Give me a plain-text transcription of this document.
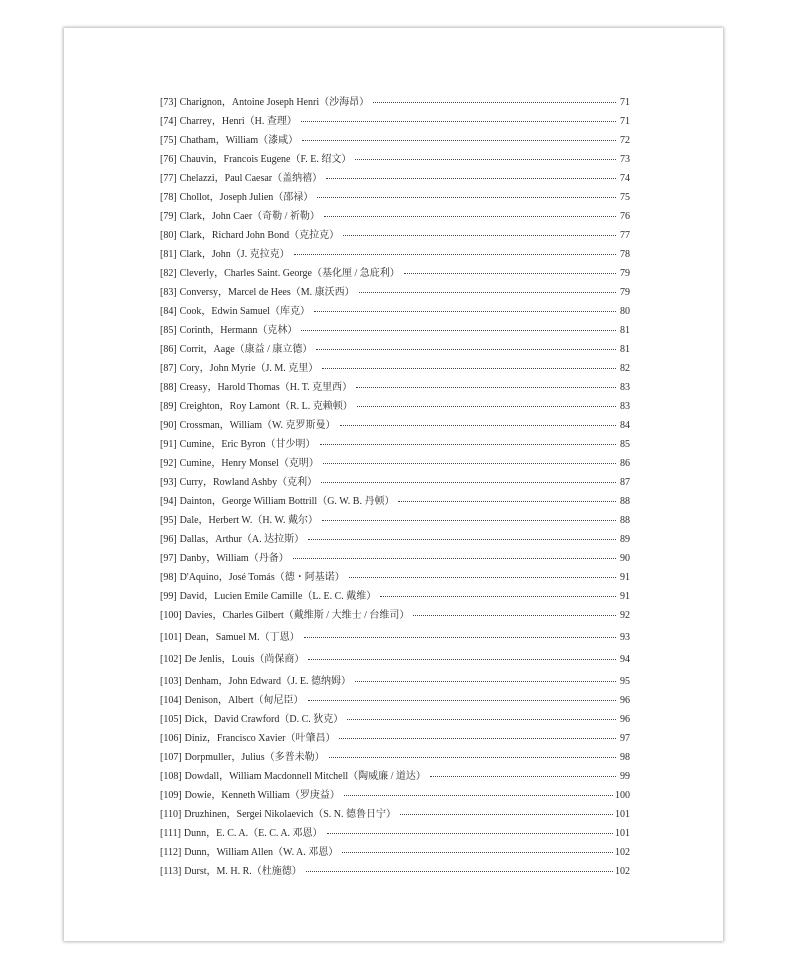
[73] Charignon，Antoine Joseph Henri（沙海昂）	71
[74] Charrey，Henri（H. 查理）	71
[75] Chatham，William（漆咸）	72
[76] Chauvin，Francois Eugene（F. E. 绍文）	73
[77] Chelazzi，Paul Caesar（盖纳禧）	74
[78] Chollot，Joseph Julien（邵禄）	75
[79] Clark，John Caer（奇勒 / 祈勒）	76
[80] Clark，Richard John Bond（克拉克）	77
[81] Clark，John（J. 克拉克）	78
[82] Cleverly，Charles Saint. George（基化厘 / 急庇利）	79
[83] Conversy，Marcel de Hees（M. 康沃西）	79
[84] Cook，Edwin Samuel（库克）	80
[85] Corinth，Hermann（克林）	81
[86] Corrit，Aage（康益 / 康立德）	81
[87] Cory，John Myrie（J. M. 克里）	82
[88] Creasy，Harold Thomas（H. T. 克里西）	83
[89] Creighton，Roy Lamont（R. L. 克赖顿）	83
[90] Crossman，William（W. 克罗斯曼）	84
[91] Cumine，Eric Byron（甘少明）	85
[92] Cumine，Henry Monsel（克明）	86
[93] Curry，Rowland Ashby（克利）	87
[94] Dainton，George William Bottrill（G. W. B. 丹顿）	88
[95] Dale，Herbert W.（H. W. 戴尔）	88
[96] Dallas，Arthur（A. 达拉斯）	89
[97] Danby，William（丹备）	90
[98] D'Aquino，José Tomás（德・阿基诺）	91
[99] David，Lucien Emile Camille（L. E. C. 戴维）	91
[100] Davies，Charles Gilbert（戴维斯 / 大维士 / 台维司）	92
[101] Dean，Samuel M.（丁恩）	93
[102] De Jenlis，Louis（尚保商）	94
[103] Denham，John Edward（J. E. 德纳姆）	95
[104] Denison，Albert（甸尼臣）	96
[105] Dick，David Crawford（D. C. 狄克）	96
[106] Diniz，Francisco Xavier（叶肇昌）	97
[107] Dorpmuller，Julius（多普未勒）	98
[108] Dowdall，William Macdonnell Mitchell（陶威廉 / 道达）	99
[109] Dowie，Kenneth William（罗庚益）	100
[110] Druzhinen，Sergei Nikolaevich（S. N. 德鲁日宁）	101
[111] Dunn，E. C. A.（E. C. A. 邓恩）	101
[112] Dunn，William Allen（W. A. 邓恩）	102
[113] Durst，M. H. R.（杜施德）	102
